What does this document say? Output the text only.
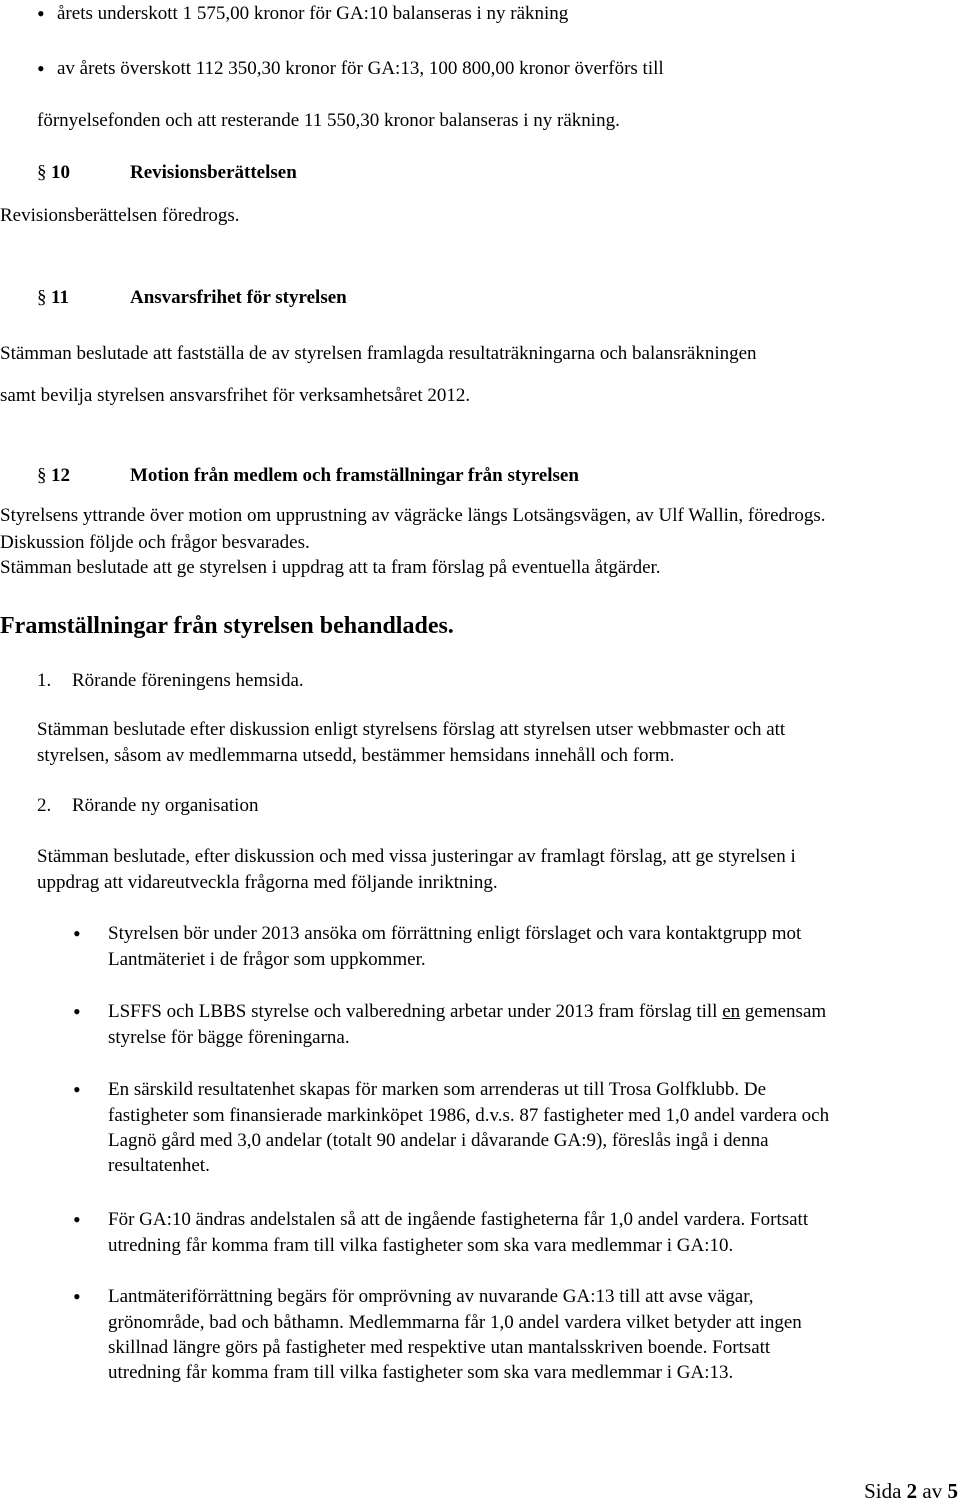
•
årets underskott 1 575,00 kronor för GA:10 balanseras i ny räkning
•
av årets överskott 112 350,30 kronor för GA:13, 100 800,00 kronor överförs till
förnyelsefonden och att resterande 11 550,30 kronor balanseras i ny räkning.
§ 10	Revisionsberättelsen
Revisionsberättelsen föredrogs.
§ 11	Ansvarsfrihet för styrelsen
Stämman beslutade att fastställa de av styrelsen framlagda resultaträkningarna och balansräkningen
samt bevilja styrelsen ansvarsfrihet för verksamhetsåret 2012.
§ 12	Motion från medlem och framställningar från styrelsen
Styrelsens yttrande över motion om upprustning av vägräcke längs Lotsängsvägen, av Ulf Wallin, föredrogs.
Diskussion följde och frågor besvarades.
Stämman beslutade att ge styrelsen i uppdrag att ta fram förslag på eventuella åtgärder.
Framställningar från styrelsen behandlades.
1. Rörande föreningens hemsida.
Stämman beslutade efter diskussion enligt styrelsens förslag att styrelsen utser webbmaster och att
styrelsen, såsom av medlemmarna utsedd, bestämmer hemsidans innehåll och form.
2. Rörande ny organisation
Stämman beslutade, efter diskussion och med vissa justeringar av framlagt förslag, att ge styrelsen i
uppdrag att vidareutveckla frågorna med följande inriktning.
•
Styrelsen bör under 2013 ansöka om förrättning enligt förslaget och vara kontaktgrupp mot
Lantmäteriet i de frågor som uppkommer.
•
LSFFS och LBBS styrelse och valberedning arbetar under 2013 fram förslag till en gemensam
styrelse för bägge föreningarna.
•
En särskild resultatenhet skapas för marken som arrenderas ut till Trosa Golfklubb. De
fastigheter som finansierade markinköpet 1986, d.v.s. 87 fastigheter med 1,0 andel vardera och
Lagnö gård med 3,0 andelar (totalt 90 andelar i dåvarande GA:9), föreslås ingå i denna
resultatenhet.
•
För GA:10 ändras andelstalen så att de ingående fastigheterna får 1,0 andel vardera. Fortsatt
utredning får komma fram till vilka fastigheter som ska vara medlemmar i GA:10.
•
Lantmäteriförrättning begärs för omprövning av nuvarande GA:13 till att avse vägar,
grönområde, bad och båthamn. Medlemmarna får 1,0 andel vardera vilket betyder att ingen
skillnad längre görs på fastigheter med respektive utan mantalsskriven boende. Fortsatt
utredning får komma fram till vilka fastigheter som ska vara medlemmar i GA:13.
Sida 2 av 5
